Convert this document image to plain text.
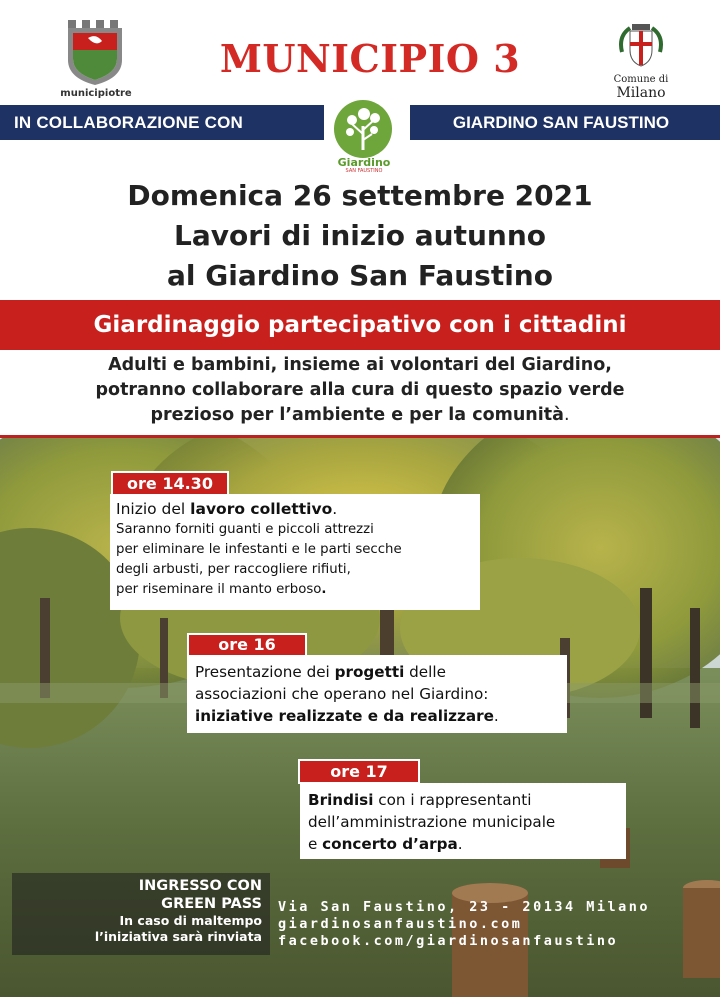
municipiotre
MUNICIPIO 3	Comune di
Milano
IN COLLABORAZIONE CON	GIARDINO SAN FAUSTINO
Giardino
SAN FAUSTINO
Domenica 26 settembre 2021
Lavori di inizio autunno
al Giardino San Faustino
Giardinaggio partecipativo con i cittadini
Adulti e bambini, insieme ai volontari del Giardino,
potranno collaborare alla cura di questo spazio verde
prezioso per l’ambiente e per la comunità.
ore 14.30
Inizio del lavoro collettivo.
Saranno forniti guanti e piccoli attrezzi
per eliminare le infestanti e le parti secche
degli arbusti, per raccogliere rifiuti,
per riseminare il manto erboso.
ore 16
Presentazione dei progetti delle
associazioni che operano nel Giardino:
iniziative realizzate e da realizzare.
ore 17
Brindisi con i rappresentanti
dell’amministrazione municipale
e concerto d’arpa.
INGRESSO CON
GREEN PASS
In caso di maltempo
l’iniziativa sarà rinviata
Via San Faustino, 23 - 20134 Milano
giardinosanfaustino.com
facebook.com/giardinosanfaustino
